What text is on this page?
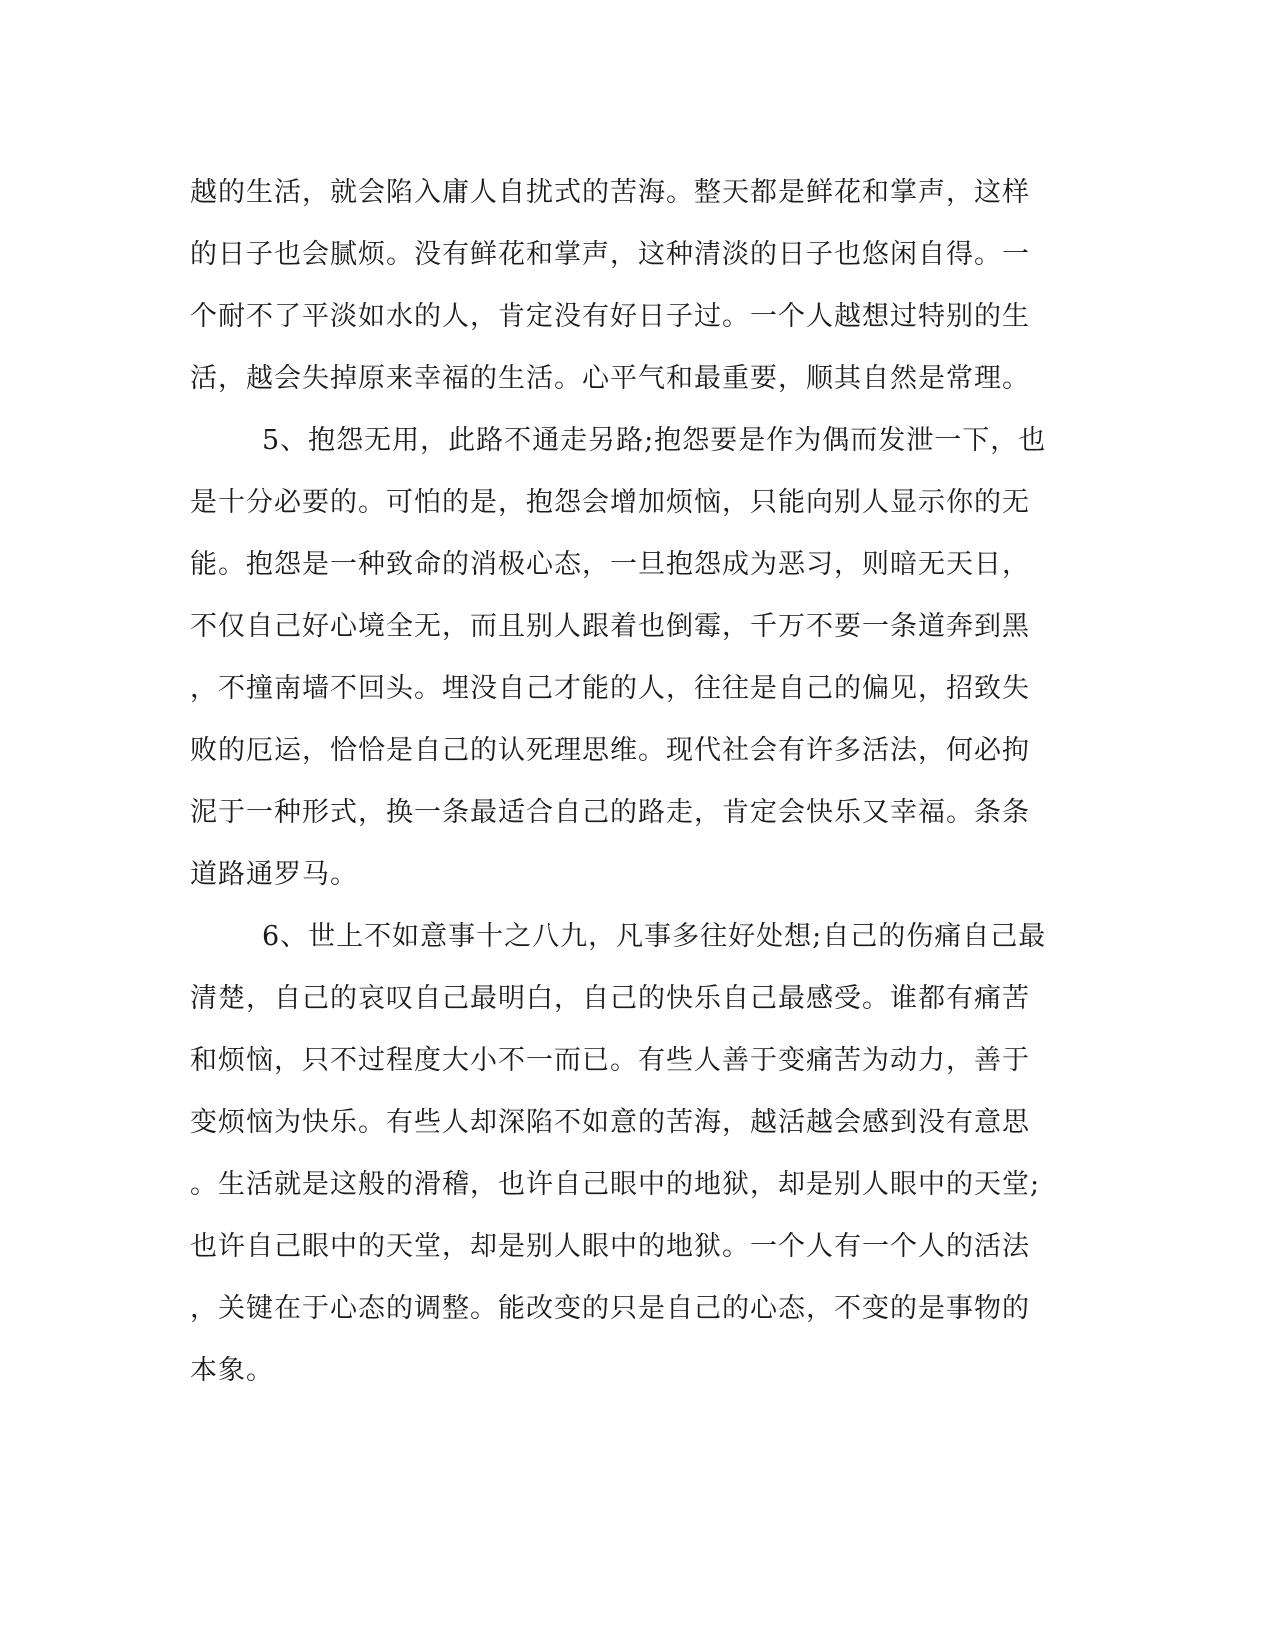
越的生活，就会陷入庸人自扰式的苦海。整天都是鲜花和掌声，这样
的日子也会腻烦。没有鲜花和掌声，这种清淡的日子也悠闲自得。一
个耐不了平淡如水的人，肯定没有好日子过。一个人越想过特别的生
活，越会失掉原来幸福的生活。心平气和最重要，顺其自然是常理。
5、抱怨无用，此路不通走另路;抱怨要是作为偶而发泄一下，也
是十分必要的。可怕的是，抱怨会增加烦恼，只能向别人显示你的无
能。抱怨是一种致命的消极心态，一旦抱怨成为恶习，则暗无天日，
不仅自己好心境全无，而且别人跟着也倒霉，千万不要一条道奔到黑
，不撞南墙不回头。埋没自己才能的人，往往是自己的偏见，招致失
败的厄运，恰恰是自己的认死理思维。现代社会有许多活法，何必拘
泥于一种形式，换一条最适合自己的路走，肯定会快乐又幸福。条条
道路通罗马。
6、世上不如意事十之八九，凡事多往好处想;自己的伤痛自己最
清楚，自己的哀叹自己最明白，自己的快乐自己最感受。谁都有痛苦
和烦恼，只不过程度大小不一而已。有些人善于变痛苦为动力，善于
变烦恼为快乐。有些人却深陷不如意的苦海，越活越会感到没有意思
。生活就是这般的滑稽，也许自己眼中的地狱，却是别人眼中的天堂;
也许自己眼中的天堂，却是别人眼中的地狱。一个人有一个人的活法
，关键在于心态的调整。能改变的只是自己的心态，不变的是事物的
本象。
